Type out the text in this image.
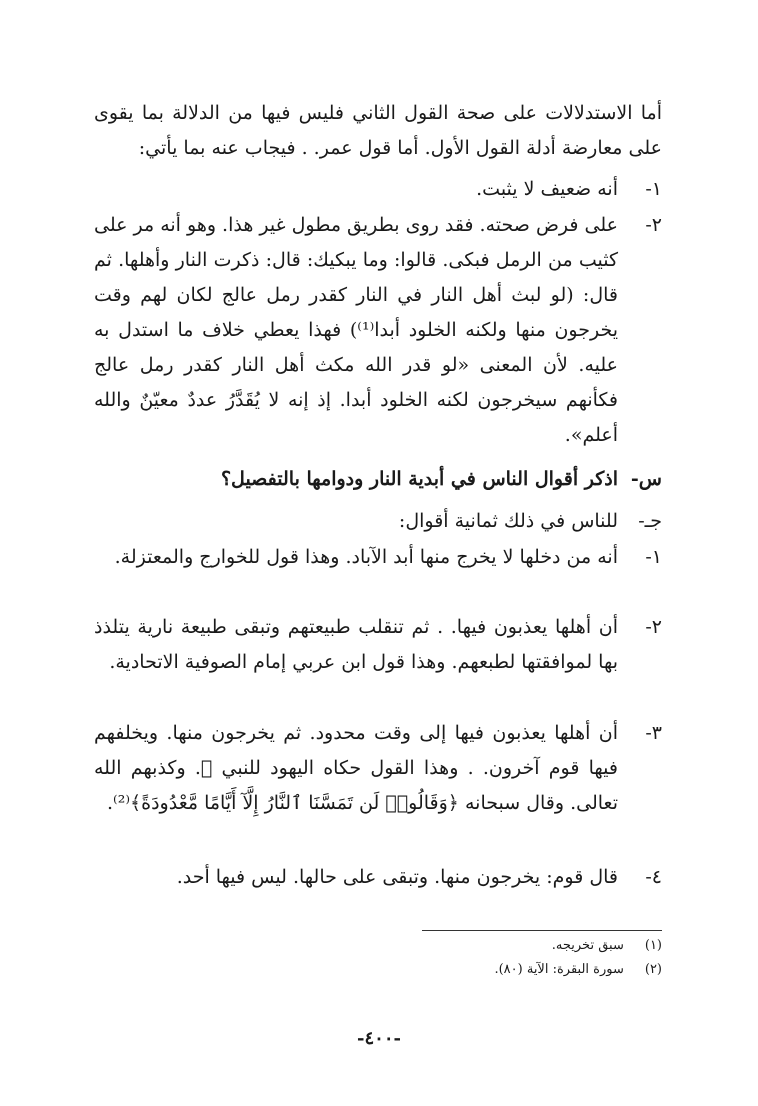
أما الاستدلالات على صحة القول الثاني فليس فيها من الدلالة بما يقوى على معارضة أدلة القول الأول. أما قول عمر. . فيجاب عنه بما يأتي:
١-
أنه ضعيف لا يثبت.
٢-
على فرض صحته. فقد روى بطريق مطول غير هذا. وهو أنه مر على كثيب من الرمل فبكى. قالوا: وما يبكيك: قال: ذكرت النار وأهلها. ثم قال: (لو لبث أهل النار في النار كقدر رمل عالج لكان لهم وقت يخرجون منها ولكنه الخلود أبدا⁽¹⁾) فهذا يعطي خلاف ما استدل به عليه. لأن المعنى «لو قدر الله مكث أهل النار كقدر رمل عالج فكأنهم سيخرجون لكنه الخلود أبدا. إذ إنه لا يُقَدَّرُ عددٌ معيّنٌ والله أعلم».
س-
اذكر أقوال الناس في أبدية النار ودوامها بالتفصيل؟
جـ-
للناس في ذلك ثمانية أقوال:
١-
أنه من دخلها لا يخرج منها أبد الآباد. وهذا قول للخوارج والمعتزلة.
٢-
أن أهلها يعذبون فيها. . ثم تنقلب طبيعتهم وتبقى طبيعة نارية يتلذذ بها لموافقتها لطبعهم. وهذا قول ابن عربي إمام الصوفية الاتحادية.
٣-
أن أهلها يعذبون فيها إلى وقت محدود. ثم يخرجون منها. ويخلفهم فيها قوم آخرون. . وهذا القول حكاه اليهود للنبي ﷺ. وكذبهم الله تعالى. وقال سبحانه ﴿وَقَالُوا۟ لَن تَمَسَّنَا ٱلنَّارُ إِلَّآ أَيَّامًا مَّعْدُودَةً﴾⁽²⁾.
٤-
قال قوم: يخرجون منها. وتبقى على حالها. ليس فيها أحد.
(١) سبق تخريجه.
(٢) سورة البقرة: الآية (٨٠).
-٤٠٠-
